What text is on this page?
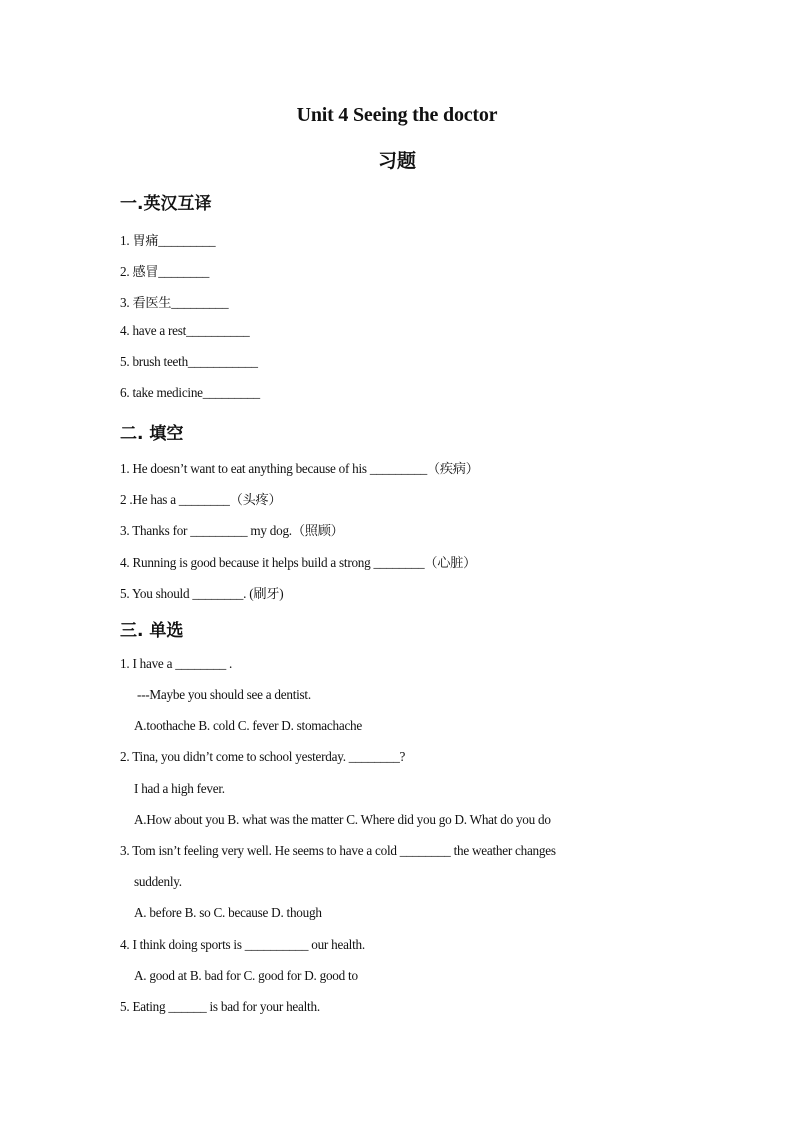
Unit 4 Seeing the doctor
习题
一.英汉互译
1. 胃痛_________
2. 感冒________
3. 看医生_________
4. have a rest__________
5. brush teeth___________
6. take medicine_________
二. 填空
1. He doesn’t want to eat anything because of his _________（疾病）
2 .He has a ________（头疼）
3. Thanks for _________ my dog.（照顾）
4. Running is good because it helps build a strong ________（心脏）
5. You should ________. (刷牙)
三. 单选
1. I have a ________ .
---Maybe you should see a dentist.
A.toothache B. cold C. fever D. stomachache
2. Tina, you didn’t come to school yesterday. ________?
I had a high fever.
A.How about you B. what was the matter C. Where did you go D. What do you do
3. Tom isn’t feeling very well. He seems to have a cold ________ the weather changes
suddenly.
A. before B. so C. because D. though
4. I think doing sports is __________ our health.
A. good at B. bad for C. good for D. good to
5. Eating ______ is bad for your health.
